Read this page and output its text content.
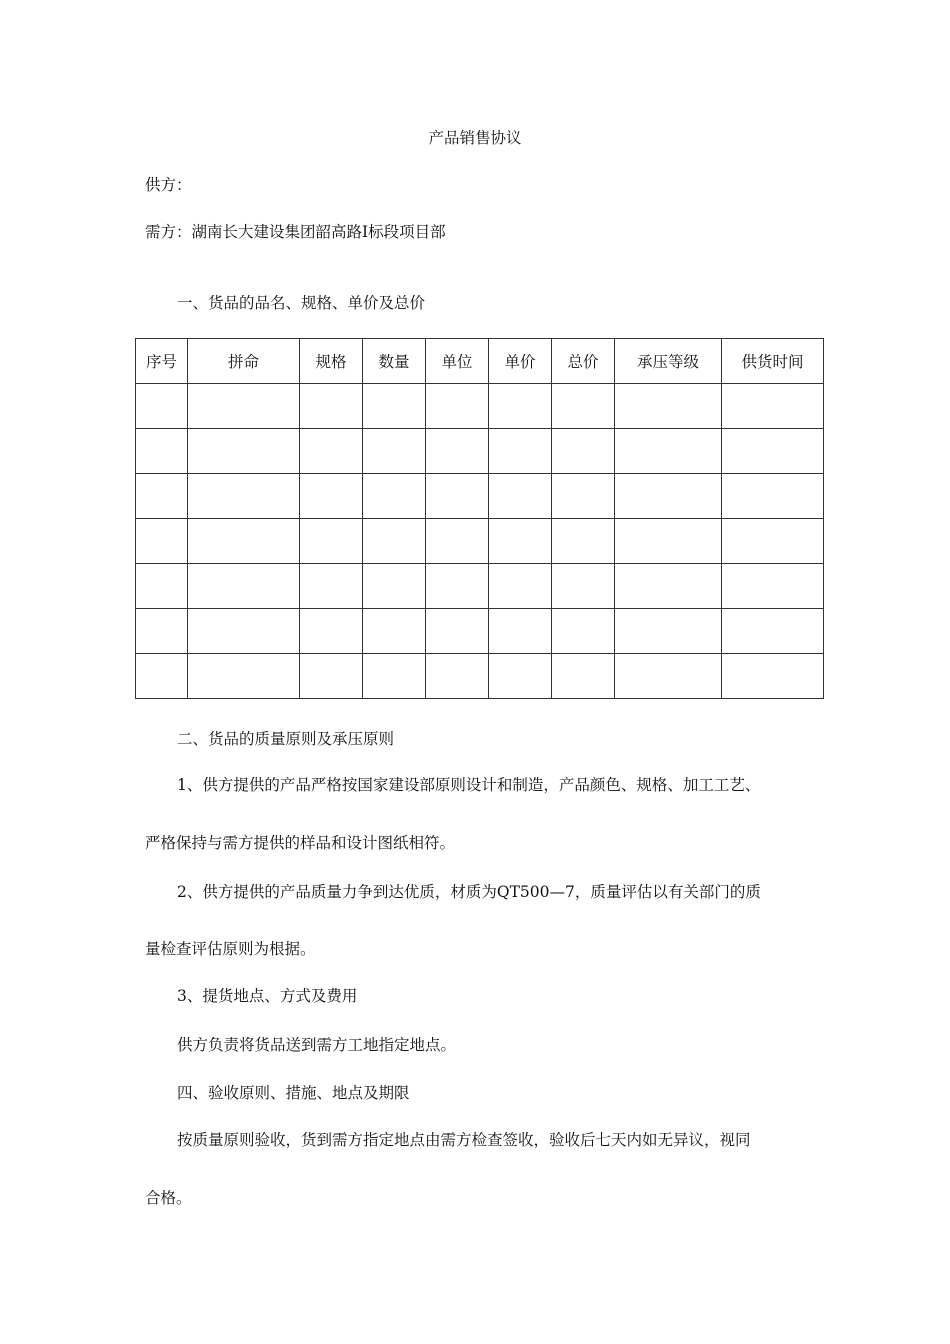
产品销售协议
供方：
需方：湖南长大建设集团韶高路Ⅰ标段项目部
一、货品的品名、规格、单价及总价
序号	拼命	规格	数量	单位	单价	总价	承压等级	供货时间

二、货品的质量原则及承压原则
1、供方提供的产品严格按国家建设部原则设计和制造，产品颜色、规格、加工工艺、
严格保持与需方提供的样品和设计图纸相符。
2、供方提供的产品质量力争到达优质，材质为QT500—7，质量评估以有关部门的质
量检查评估原则为根据。
3、提货地点、方式及费用
供方负责将货品送到需方工地指定地点。
四、验收原则、措施、地点及期限
按质量原则验收，货到需方指定地点由需方检查签收，验收后七天内如无异议，视同
合格。
